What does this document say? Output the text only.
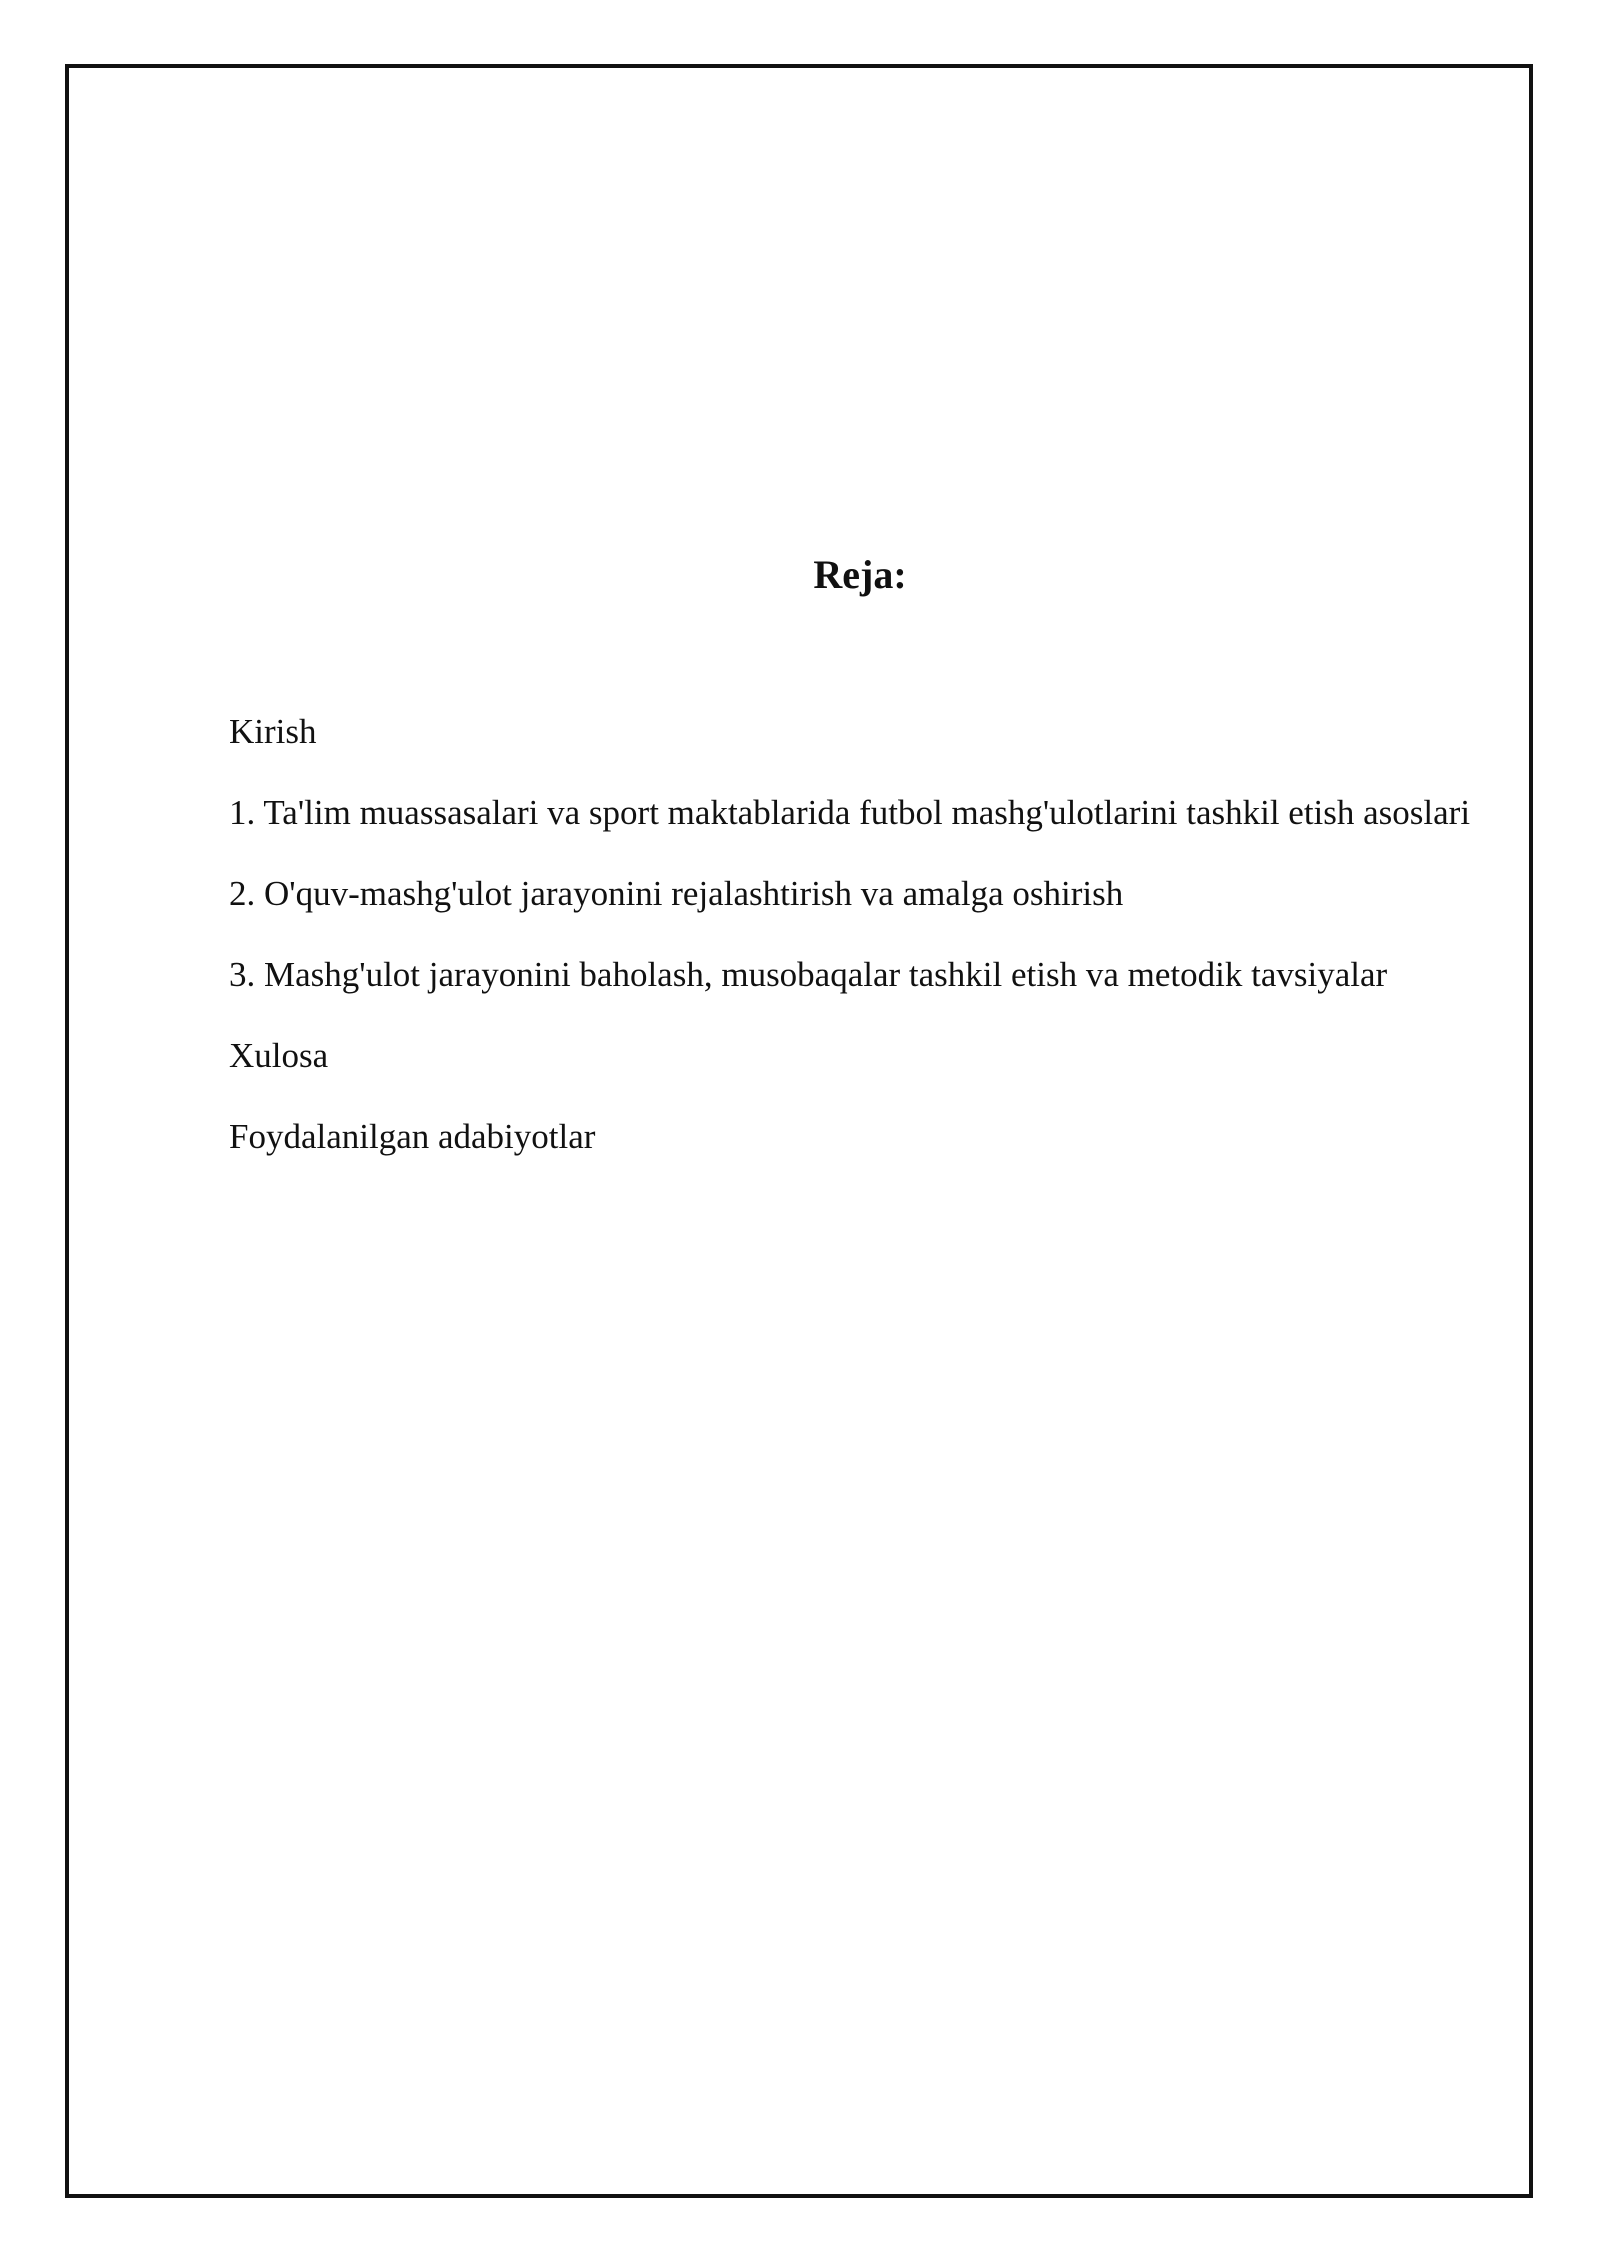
Reja:
Kirish
1. Ta'lim muassasalari va sport maktablarida futbol mashg'ulotlarini tashkil etish asoslari
2. O'quv-mashg'ulot jarayonini rejalashtirish va amalga oshirish
3. Mashg'ulot jarayonini baholash, musobaqalar tashkil etish va metodik tavsiyalar
Xulosa
Foydalanilgan adabiyotlar
